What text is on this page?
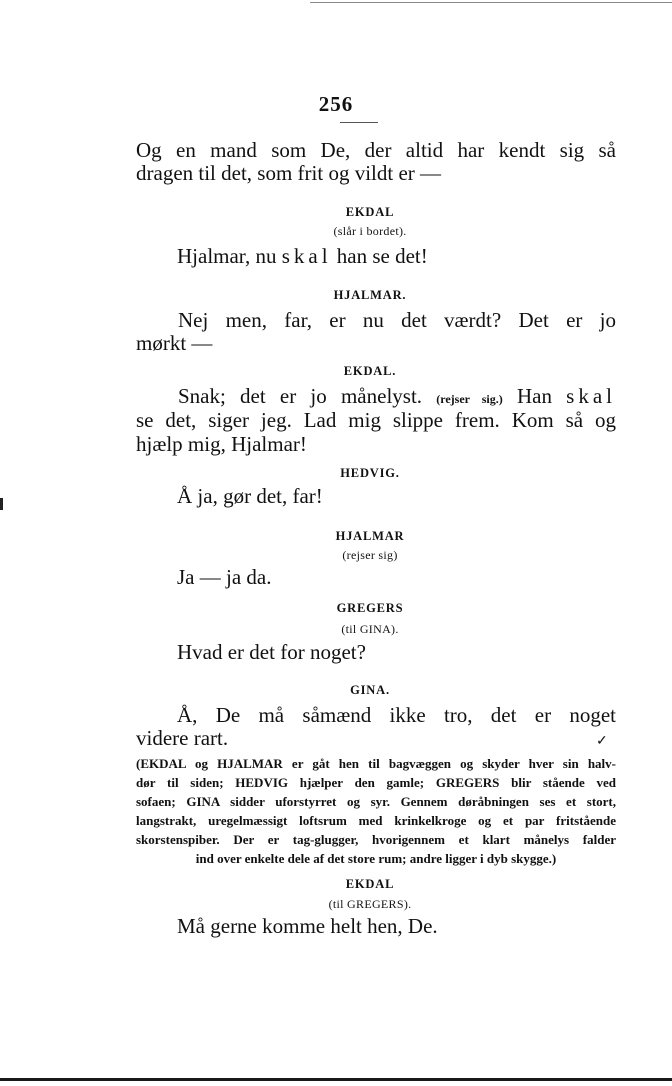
256
Og en mand som De, der altid har kendt sig så
dragen til det, som frit og vildt er —
EKDAL
(slår i bordet).
Hjalmar, nu skal han se det!
HJALMAR.
Nej men, far, er nu det værdt? Det er jo
mørkt —
EKDAL.
Snak; det er jo månelyst. (rejser sig.) Han skal
se det, siger jeg. Lad mig slippe frem. Kom så og
hjælp mig, Hjalmar!
HEDVIG.
Å ja, gør det, far!
HJALMAR
(rejser sig)
Ja — ja da.
GREGERS
(til GINA).
Hvad er det for noget?
GINA.
Å, De må såmænd ikke tro, det er noget
videre rart.	✓
(EKDAL og HJALMAR er gåt hen til bagvæggen og skyder hver sin halv-
dør til siden; HEDVIG hjælper den gamle; GREGERS blir stående ved
sofaen; GINA sidder uforstyrret og syr. Gennem døråbningen ses et stort,
langstrakt, uregelmæssigt loftsrum med krinkelkroge og et par fritstående
skorstenspiber. Der er tag-glugger, hvorigennem et klart månelys falder
ind over enkelte dele af det store rum; andre ligger i dyb skygge.)
EKDAL
(til GREGERS).
Må gerne komme helt hen, De.
